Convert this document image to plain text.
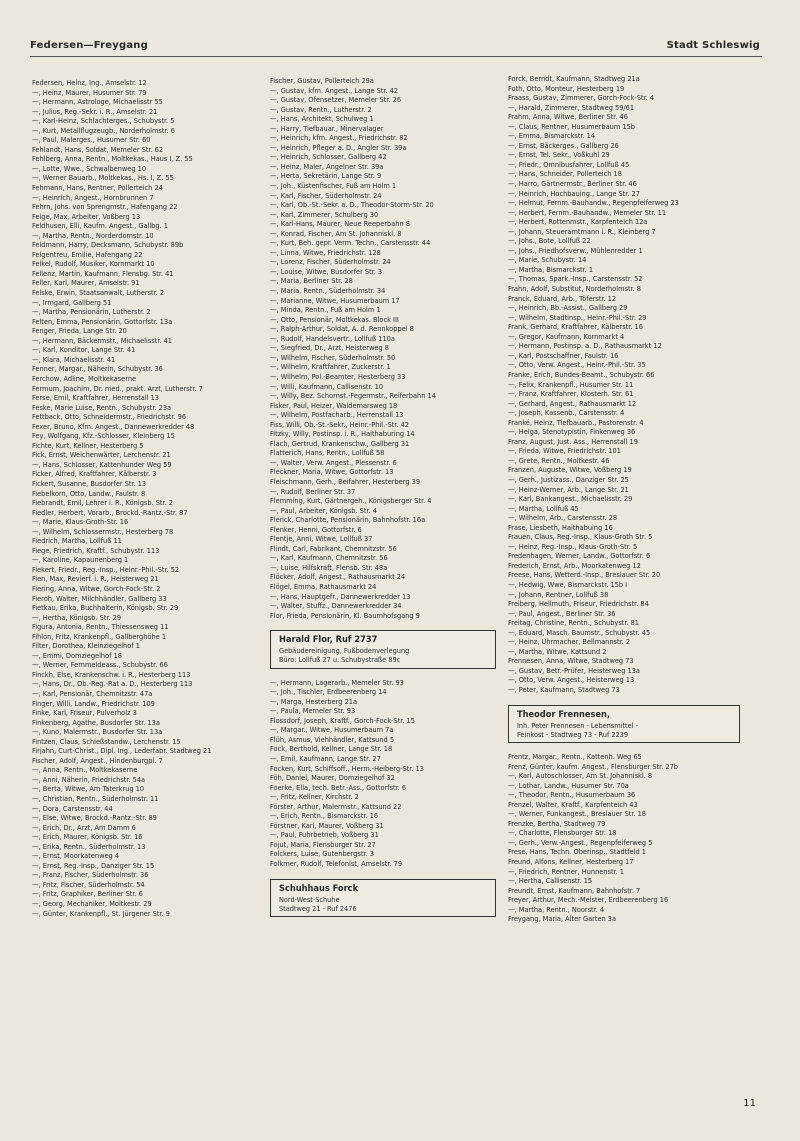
Federsen—Freygang	Stadt Schleswig
Federsen, Heinz, Ing., Amselstr. 12
—, Heinz, Maurer, Husumer Str. 79
—, Hermann, Astrologe, Michaelisstr 55
—, Julius, Reg.-Sekr. i. R., Amselstr. 21
—, Karl-Heinz, Schlachterges., Schubystr. 5
—, Kurt, Metallflugzeugb., Norderholmstr. 6
—, Paul, Malerges., Husumer Str. 60
Fehlandt, Hans, Soldat, Memeler Str. 62
Fehlberg, Anna, Rentn., Moltkekas., Haus I, Z. 55
—, Lotte, Wwe., Schwalbenweg 10
—, Werner Bauarb., Moltkekas., Hs. I, Z. 55
Fehmann, Hans, Rentner, Pollerteich 24
—, Heinrich, Angest., Hornbrunnen 7
Fehrn, Johs. von Sprengmstr., Hafengang 22
Feige, Max, Arbeiter, Voßberg 13
Feldhusen, Elli, Kaufm. Angest., Gallbg. 1
—, Martha, Rentn., Norderdomstr. 10
Feldmann, Harry, Decksmann, Schubystr. 89b
Felgentreu, Emilie, Hafengang 22
Felkel, Rudolf, Musiker, Kornmarkt 10
Fellenz, Martin, Kaufmann, Flensbg. Str. 41
Feller, Karl, Maurer, Amselstr. 91
Felske, Erwin, Staatsanwalt, Lutherstr. 2
—, Irmgard, Gallberg 51
—, Martha, Pensionärin, Lutherstr. 2
Felten, Emma, Pensionärin, Gottorfstr. 13a
Fenger, Frieda, Lange Str. 20
—, Hermann, Bäckermstr., Michaelisstr. 41
—, Karl, Konditor, Lange Str. 41
—, Klara, Michaelisstr. 41
Fenner, Margar., Näherin, Schubystr. 36
Ferchow, Adline, Moltkekaserne
Fermum, Joachim, Dr. med., prakt. Arzt, Lutherstr. 7
Ferse, Emil, Kraftfahrer, Herrenstall 13
Feske, Marie Luise, Rentn., Schubystr. 23a
Fettback, Otto, Schneidermstr., Friedrichstr. 96
Fexer, Bruno, Kfm. Angest., Dannewerkredder 48
Fey, Wolfgang, Kfz.-Schlosser, Kleinberg 15
Fichte, Kurt, Kellner, Hesterberg 5
Fick, Ernst, Weichenwärter, Lerchenstr. 21
—, Hans, Schlosser, Kattenhunder Weg 59
Ficker, Alfred, Kraftfahrer, Kälberstr. 3
Fickert, Susanne, Busdorfer Str. 13
Fiebelkorn, Otto, Landw., Faulstr. 8
Fiebrandt, Emil, Lehrer i. R., Königsb. Str. 2
Fiedler, Herbert, Vorarb., Brockd.-Rantz.-Str. 87
—, Marie, Klaus-Groth-Str. 16
—, Wilhelm, Schlossermstr., Hesterberg 78
Fiedrich, Martha, Lollfuß 11
Fiege, Friedrich, Kraftf., Schubystr. 113
—, Karoline, Kapaunenberg 1
Fiekert, Friedr., Reg.-Insp., Heinr.-Phil.-Str. 52
Fien, Max, Revierf. i. R., Heisterweg 21
Fiering, Anna, Witwe, Gorch-Fock-Str. 2
Fieroh, Walter, Milchhändler, Gallberg 33
Fietkau, Erika, Buchhalterin, Königsb. Str. 29
—, Hertha, Königsb. Str. 29
Figura, Antonia, Rentn., Thiessensweg 11
Fihlon, Fritz, Krankenpfl., Gallberghöhe 1
Filter, Dorothea, Kleinziegelhof 1
—, Emmi, Domziegelhof 18
—, Werner, Fernmeldeass., Schubystr. 66
Finckh, Else, Krankenschw. i. R., Hesterberg 113
—, Hans, Dr., Ob.-Reg.-Rat a. D., Hesterberg 113
—, Karl, Pensionär, Chemnitzstr. 47a
Finger, Willi, Landw., Friedrichstr. 109
Finke, Karl, Friseur, Pulverholz 3
Finkenberg, Agathe, Busdorfer Str. 13a
—, Kuno, Malermstr., Busdorfer Str. 13a
Fintzen, Claus, Schießstandw., Lerchenstr. 15
Firjahn, Curt-Christ., Dipl. Ing., Lederfabr. Stadtweg 21
Fischer, Adolf, Angest., Hindenburgpl. 7
—, Anna, Rentn., Moltkekaserne
—, Anni, Näherin, Friedrichstr. 54a
—, Berta, Witwe, Am Taterkrug 10
—, Christian, Rentn., Süderholmstr. 11
—, Dora, Carstensstr. 44
—, Else, Witwe, Brockd.-Rantz.-Str. 89
—, Erich, Dr., Arzt, Am Damm 6
—, Erich, Maurer, Königsb. Str. 16
—, Erika, Rentn., Süderholmstr. 13
—, Ernst, Moorkatenweg 4
—, Ernst, Reg.-Insp., Danziger Str. 15
—, Franz, Fischer, Süderholmstr. 36
—, Fritz, Fischer, Süderholmstr. 54
—, Fritz, Graphiker, Berliner Str. 6
—, Georg, Mechaniker, Moltkestr. 29
—, Günter, Krankenpfl., St. Jürgener Str. 9
Fischer, Gustav, Pollerteich 29a
—, Gustav, kfm. Angest., Lange Str. 42
—, Gustav, Ofensetzer, Memeler Str. 26
—, Gustav, Rentn., Lutherstr. 2
—, Hans, Architekt, Schulweg 1
—, Harry, Tiefbauar., Minervalager
—, Heinrich, kfm. Angest., Friedrichstr. 82
—, Heinrich, Pfleger a. D., Angler Str. 39a
—, Heinrich, Schlosser, Gallberg 42
—, Heinz, Maler, Angelner Str. 39a
—, Herta, Sekretärin, Lange Str. 9
—, Joh., Küstenfischer, Fuß am Holm 1
—, Karl, Fischer, Süderholmstr. 24
—, Karl, Ob.-St.-Sekr. a. D., Theodor-Storm-Str. 20
—, Karl, Zimmerer, Schulberg 30
—, Karl-Hans, Maurer, Neue Reeperbahn 8
—, Konrad, Fischer, Am St. Johanniskl. 8
—, Kurt, Beh. gepr. Verm. Techn., Carstensstr. 44
—, Linna, Witwe, Friedrichstr. 128
—, Lorenz, Fischer, Süderholmstr. 24
—, Louise, Witwe, Busdorfer Str. 3
—, Maria, Berliner Str. 28
—, Maria, Rentn., Süderholmstr. 34
—, Marianne, Witwe, Husumerbaum 17
—, Minda, Rentn., Fuß am Holm 1
—, Otto, Pensionär, Moltkekas. Block III
—, Ralph-Arthur, Soldat, A. d. Rennkoppel 8
—, Rudolf, Handelsvertr., Lollfuß 110a
—, Siegfried, Dr., Arzt, Heisterweg 8
—, Wilhelm, Fischer, Süderholmstr. 50
—, Wilhelm, Kraftfahrer, Zuckerstr. 1
—, Wilhelm, Pol.-Beamter, Hesterberg 33
—, Willi, Kaufmann, Callisenstr. 10
—, Willy, Bez. Schornst.-Fegermstr., Reiferbahn 14
Fisker, Paul, Heizer, Waldemarsweg 18
—, Wilhelm, Postfacharb., Herrenstall 13
Fiss, Willi, Ob.-St.-Sekr., Heinr.-Phil.-Str. 42
Fitzky, Willy, Postinsp. i. R., Haithaburing 14
Flach, Gertrud, Krankenschw., Gallberg 31
Flatterich, Hans, Rentn., Lollfuß 58
—, Walter, Verw. Angest., Plessenstr. 6
Fleckner, Maria, Witwe, Gottorfstr. 13
Fleischmann, Gerh., Beifahrer, Hesterberg 39
—, Rudolf, Berliner Str. 37
Flemming, Kurt, Gärtnergeh., Königsberger Str. 4
—, Paul, Arbeiter, Königsb. Str. 4
Flenck, Charlotte, Pensionärin, Bahnhofstr. 16a
Flenker, Henni, Gottorfstr. 6
Flentje, Anni, Witwe, Lollfuß 37
Flindt, Carl, Fabrikant, Chemnitzstr. 56
—, Karl, Kaufmann, Chemnitzstr. 56
—, Luise, Hilfskraft, Flensb. Str. 48a
Flöcker, Adolf, Angest., Rathausmarkt 24
Flögel, Emma, Rathausmarkt 24
—, Hans, Hauptgefr., Dannewerkredder 13
—, Walter, Stuffz., Dannewerkredder 34
Flor, Frieda, Pensionärin, Kl. Baumhofsgang 9
Harald Flor, Ruf 2737
Gebäudereinigung, Fußbodenverlegung
Büro: Lollfuß 27 u. Schubystraße 89c
—, Hermann, Lagerarb., Memeler Str. 93
—, Joh., Tischler, Erdbeerenberg 14
—, Marga, Hesterberg 21a
—, Paula, Memeler Str. 93
Flossdorf, Joseph, Kraftf., Gorch-Fock-Str. 15
—, Margar., Witwe, Husumerbaum 7a
Flüh, Asmus, Viehhändler, Kattsund 5
Fock, Berthold, Kellner, Lange Str. 18
—, Emil, Kaufmann, Lange Str. 27
Focken, Kurt, Schiffsoff., Herm.-Heiberg-Str. 13
Föh, Daniel, Maurer, Domziegelhof 32
Foerke, Ella, tech. Betr.-Ass., Gottorfstr. 6
—, Fritz, Kellner, Kirchstr. 2
Förster, Arthur, Malermstr., Kattsund 22
—, Erich, Rentn., Bismarckstr. 16
Förstner, Karl, Maurer, Voßberg 31
—, Paul, Fuhrbetrieb, Voßberg 31
Fojut, Maria, Flensburger Str. 27
Folckers, Luise, Gutenbergstr. 3
Folkmer, Rudolf, Telefonist, Amselstr. 79
Schuhhaus Forck
Nord-West-Schuhe
Stadtweg 21 - Ruf 2476
Forck, Berndt, Kaufmann, Stadtweg 21a
Foth, Otto, Monteur, Hesterberg 19
Fraass, Gustav, Zimmerer, Gorch-Fock-Str. 4
—, Harald, Zimmerer, Stadtweg 59/61
Frahm, Anna, Witwe, Berliner Str. 46
—, Claus, Rentner, Husumerbaum 15b
—, Emma, Bismarckstr. 14
—, Ernst, Bäckerges., Gallberg 26
—, Ernst, Tel. Sekr., Voßkuhl 29
—, Friedr., Omnibusfahrer, Lollfuß 45
—, Hans, Schneider, Pollerteich 18
—, Harro, Gärtnermstr., Berliner Str. 46
—, Heinrich, Hochbauing., Lange Str. 27
—, Helmut, Fernm.-Bauhandw., Regenpfeiferweg 23
—, Herbert, Fernm.-Bauhandw., Memeler Str. 11
—, Herbert, Rottenmstr., Karpfenteich 12a
—, Johann, Steueramtmann i. R., Kleinberg 7
—, Johs., Bote, Lollfuß 22
—, Johs., Friedhofsverw., Mühlenredder 1
—, Marie, Schubystr. 14
—, Martha, Bismarckstr. 1
—, Thomas, Spark.-Insp., Carstensstr. 52
Frahn, Adolf, Substitut, Norderholmstr. 8
Franck, Eduard, Arb., Töferstr. 12
—, Heinrich, Bb.-Assist., Gallberg 29
—, Wilhelm, Stadtinsp., Heinr.-Phil.-Str. 29
Frank, Gerhard, Kraftfahrer, Kälberstr. 16
—, Gregor, Kaufmann, Kornmarkt 4
—, Hermann, Postinsp. a. D., Rathausmarkt 12
—, Karl, Postschaffner, Faulstr. 16
—, Otto, Verw. Angest., Heinr.-Phil.-Str. 35
Franke, Erich, Bundes-Beamt., Schubystr. 66
—, Felix, Krankenpfl., Husumer Str. 11
—, Franz, Kraftfahrer, Klosterh. Str. 61
—, Gerhard, Angest., Rathausmarkt 12
—, Joseph, Kassenb., Carstensstr. 4
Franké, Heinz, Tiefbauarb., Pastorenstr. 4
—, Helga, Stenotypistin, Finkenweg 36
Franz, August, Just. Ass., Herrenstall 19
—, Frieda, Witwe, Friedrichstr. 101
—, Grete, Rentn., Moltkestr. 46
Franzen, Auguste, Witwe, Voßberg 19
—, Gerh., Justizass., Danziger Str. 25
—, Heinz-Werner, Arb., Lange Str. 21
—, Karl, Bankangest., Michaelisstr. 29
—, Martha, Lollfuß 45
—, Wilhelm, Arb., Carstensstr. 28
Frase, Liesbeth, Haithabuing 16
Frauen, Claus, Reg.-Insp., Klaus-Groth Str. 5
—, Heinz, Reg.-Insp., Klaus-Groth-Str. 5
Fredenhagen, Werner, Landw., Gottorfstr. 6
Frederich, Ernst, Arb., Moorkatenweg 12
Freese, Hans, Wetterd.-Insp., Breslauer Str. 20
—, Hedwig, Wwe, Bismarckstr. 15b I
—, Johann, Rentner, Lollfuß 38
Freiberg, Hellmuth, Friseur, Friedrichstr. 84
—, Paul, Angest., Berliner Str. 36
Freitag, Christine, Rentn., Schubystr. 81
—, Eduard, Masch. Baumstr., Schubystr. 45
—, Heinz, Uhrmacher, Bellmannstr. 2
—, Martha, Witwe, Kattsund 2
Frennesen, Anna, Witwe, Stadtweg 73
—, Gustav, Betr.-Prüfer, Heisterweg 13a
—, Otto, Verw. Angest., Heisterweg 13
—, Peter, Kaufmann, Stadtweg 73
Theodor Frennesen,
Inh. Peter Frennesen - Lebensmittel -
Feinkost - Stadtweg 73 - Ruf 2239
Frentz, Margar., Rentn., Kattenh. Weg 65
Frenz, Günter, kaufm. Angest., Flensburger Str. 27b
—, Karl, Autoschlosser, Am St. Johanniskl. 8
—, Lothar, Landw., Husumer Str. 70a
—, Theodor, Rentn., Husumerbaum 36
Frenzel, Walter, Kraftf., Karpfenteich 43
—, Werner, Funkangest., Breslauer Str. 18
Frenzke, Bertha, Stadtweg 79
—, Charlotte, Flensburger Str. 18
—, Gerh., Verw.-Angest., Regenpfeiferweg 5
Frese, Hans, Techn. Oberinsp., Stadtfeld 1
Freund, Alfons, Kellner, Hesterberg 17
—, Friedrich, Rentner, Hunnenstr. 1
—, Hertha, Callisenstr. 15
Freundt, Ernst, Kaufmann, Bahnhofstr. 7
Freyer, Arthur, Mech.-Meister, Erdbeerenberg 16
—, Martha, Rentn., Noorstr. 4
Freygang, Maria, Alter Garten 3a
11
